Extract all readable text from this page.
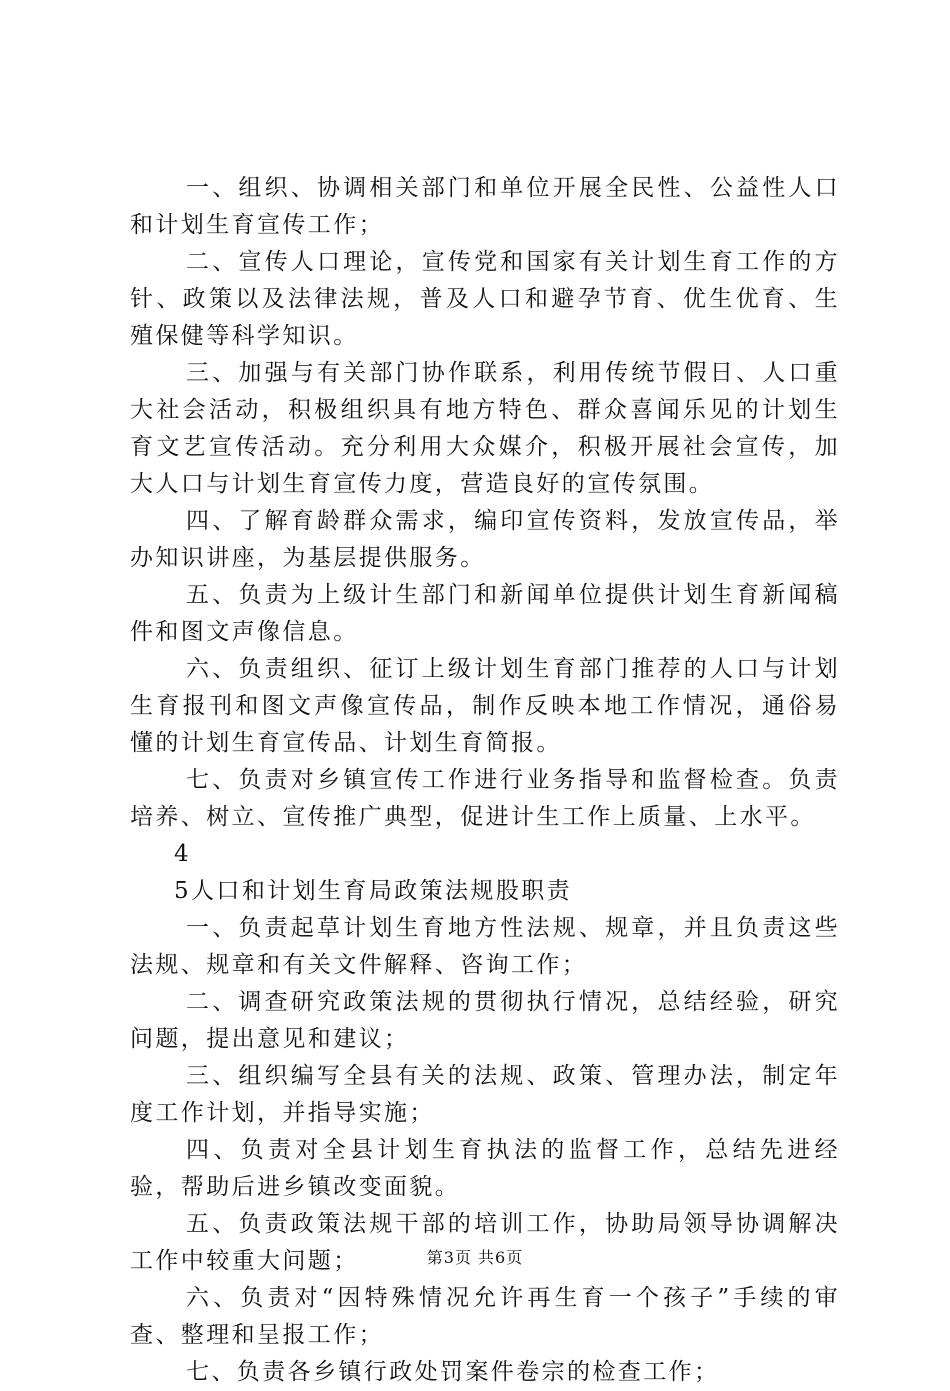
一、组织、协调相关部门和单位开展全民性、公益性人口和计划生育宣传工作；

二、宣传人口理论，宣传党和国家有关计划生育工作的方针、政策以及法律法规，普及人口和避孕节育、优生优育、生殖保健等科学知识。

三、加强与有关部门协作联系，利用传统节假日、人口重大社会活动，积极组织具有地方特色、群众喜闻乐见的计划生育文艺宣传活动。充分利用大众媒介，积极开展社会宣传，加大人口与计划生育宣传力度，营造良好的宣传氛围。

四、了解育龄群众需求，编印宣传资料，发放宣传品，举办知识讲座，为基层提供服务。

五、负责为上级计生部门和新闻单位提供计划生育新闻稿件和图文声像信息。

六、负责组织、征订上级计划生育部门推荐的人口与计划生育报刊和图文声像宣传品，制作反映本地工作情况，通俗易懂的计划生育宣传品、计划生育简报。

七、负责对乡镇宣传工作进行业务指导和监督检查。负责培养、树立、宣传推广典型，促进计生工作上质量、上水平。

4

5人口和计划生育局政策法规股职责

一、负责起草计划生育地方性法规、规章，并且负责这些法规、规章和有关文件解释、咨询工作；

二、调查研究政策法规的贯彻执行情况，总结经验，研究问题，提出意见和建议；

三、组织编写全县有关的法规、政策、管理办法，制定年度工作计划，并指导实施；

四、负责对全县计划生育执法的监督工作，总结先进经验，帮助后进乡镇改变面貌。

五、负责政策法规干部的培训工作，协助局领导协调解决工作中较重大问题；

六、负责对“因特殊情况允许再生育一个孩子”手续的审查、整理和呈报工作；

七、负责各乡镇行政处罚案件卷宗的检查工作；

第3页 共6页
